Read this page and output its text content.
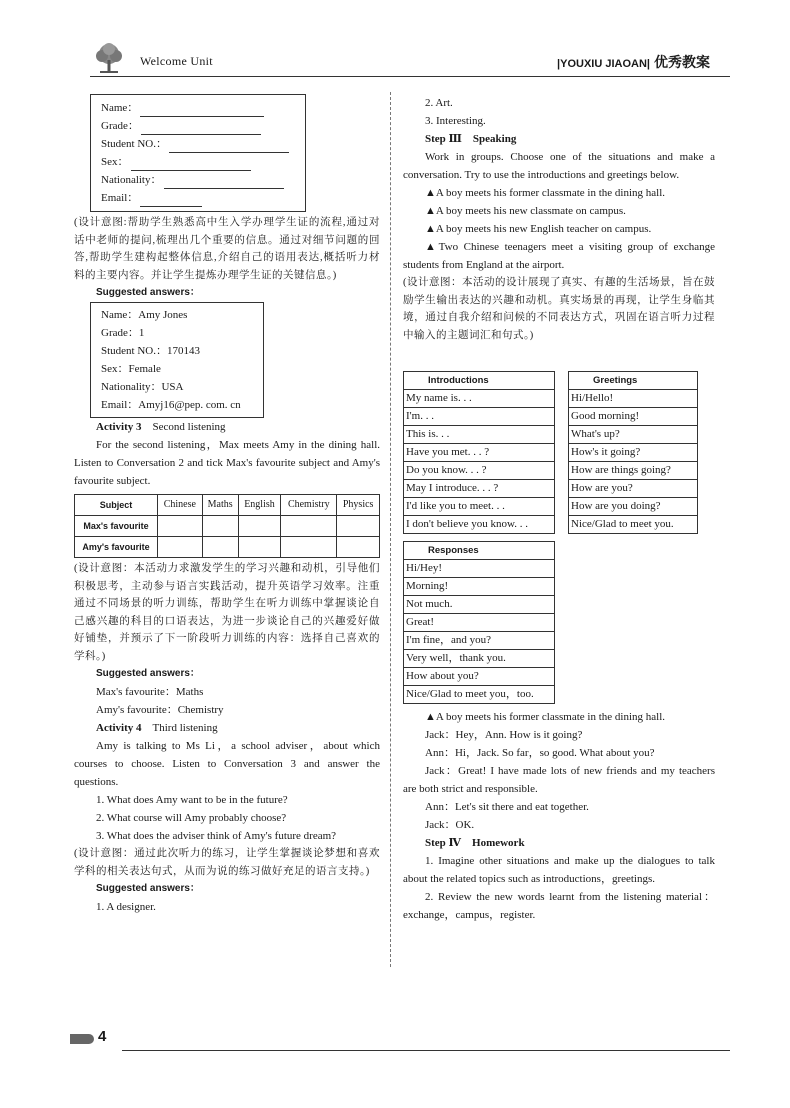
Welcome Unit	|YOUXIU JIAOAN| 优秀教案
Name：
Grade：
Student NO.：
Sex：
Nationality：
Email：

(设计意图:帮助学生熟悉高中生入学办理学生证的流程,通过对话中老师的提问,梳理出几个重要的信息。通过对细节问题的回答,帮助学生建构起整体信息,介绍自己的语用表达,概括听力材料的主要内容。并让学生提炼办理学生证的关键信息。)

Suggested answers：

Name：Amy Jones
Grade：1
Student NO.：170143
Sex：Female
Nationality：USA
Email：Amyj16@pep. com. cn

Activity 3　 Second listening

For the second listening，Max meets Amy in the dining hall. Listen to Conversation 2 and tick Max's favourite subject and Amy's favourite subject.

Subject	Chinese	Maths	English	Chemistry	Physics
Max's favourite					
Amy's favourite					

(设计意图：本活动力求激发学生的学习兴趣和动机，引导他们积极思考，主动参与语言实践活动，提升英语学习效率。注重通过不同场景的听力训练，帮助学生在听力训练中掌握谈论自己感兴趣的科目的口语表达，为进一步谈论自己的兴趣爱好做好铺垫，并预示了下一阶段听力训练的内容：选择自己喜欢的学科。)

Suggested answers：

Max's favourite：Maths

Amy's favourite：Chemistry

Activity 4　 Third listening

Amy is talking to Ms Li，a school adviser，about which courses to choose. Listen to Conversation 3 and answer the questions.

1. What does Amy want to be in the future?

2. What course will Amy probably choose?

3. What does the adviser think of Amy's future dream?

(设计意图：通过此次听力的练习，让学生掌握谈论梦想和喜欢学科的相关表达句式，从而为说的练习做好充足的语言支持。)

Suggested answers：

1. A designer.

2. Art.

3. Interesting.

Step Ⅲ　Speaking

Work in groups. Choose one of the situations and make a conversation. Try to use the introductions and greetings below.

▲A boy meets his former classmate in the dining hall.

▲A boy meets his new classmate on campus.

▲A boy meets his new English teacher on campus.

▲Two Chinese teenagers meet a visiting group of exchange students from England at the airport.

(设计意图：本活动的设计展现了真实、有趣的生活场景，旨在鼓励学生输出表达的兴趣和动机。真实场景的再现，让学生身临其境，通过自我介绍和问候的不同表达方式，巩固在语言听力过程中输入的主题词汇和句式。)

Introductions
My name is. . .
I'm. . .
This is. . .
Have you met. . . ?
Do you know. . . ?
May I introduce. . . ?
I'd like you to meet. . .
I don't believe you know. . .
Greetings
Hi/Hello!
Good morning!
What's up?
How's it going?
How are things going?
How are you?
How are you doing?
Nice/Glad to meet you.
Responses
Hi/Hey!
Morning!
Not much.
Great!
I'm fine，and you?
Very well，thank you.
How about you?
Nice/Glad to meet you，too.

▲A boy meets his former classmate in the dining hall.

Jack：Hey，Ann. How is it going?

Ann：Hi，Jack. So far，so good. What about you?

Jack：Great! I have made lots of new friends and my teachers are both strict and responsible.

Ann：Let's sit there and eat together.

Jack：OK.

Step Ⅳ　Homework

1. Imagine other situations and make up the dialogues to talk about the related topics such as introductions，greetings.

2. Review the new words learnt from the listening material：exchange，campus，register.

4
